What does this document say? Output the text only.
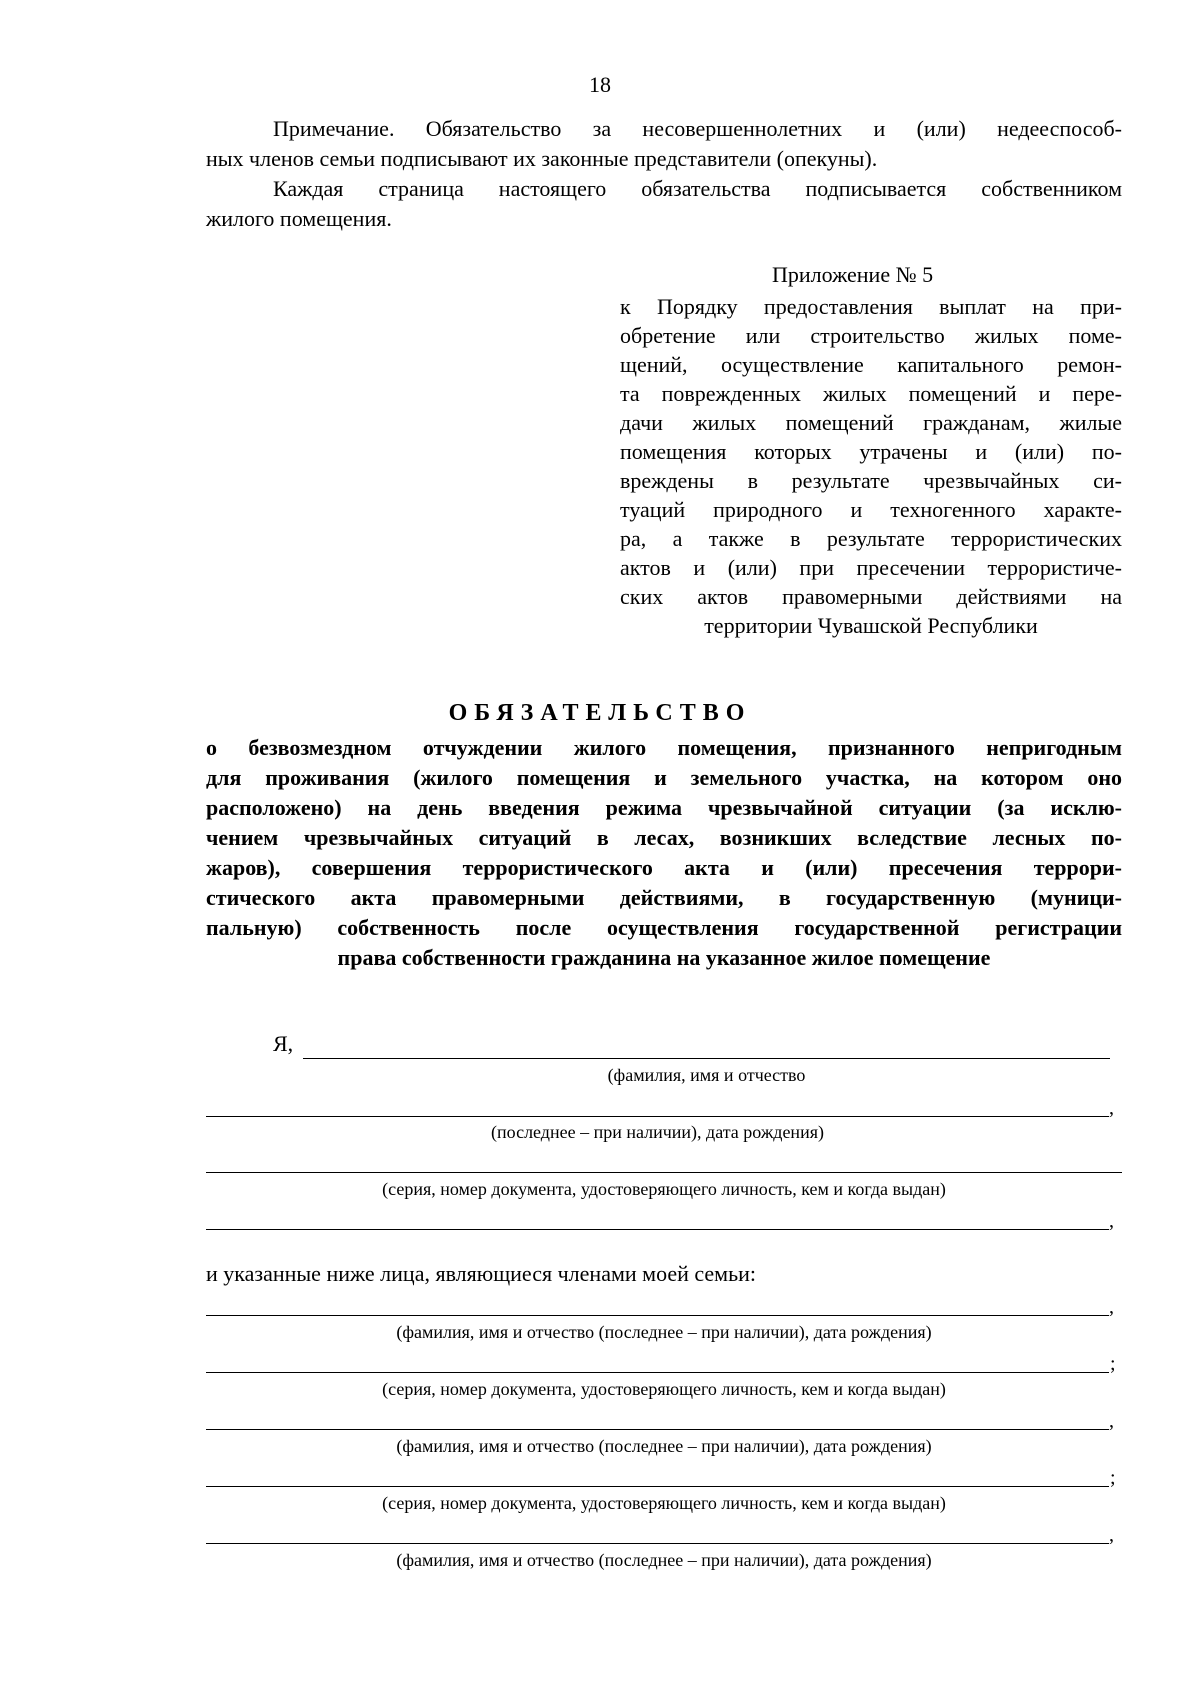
18
Примечание. Обязательство за несовершеннолетних и (или) недееспособ-
ных членов семьи подписывают их законные представители (опекуны).
Каждая страница настоящего обязательства подписывается собственником
жилого помещения.
Приложение № 5
к Порядку предоставления выплат на при-
обретение или строительство жилых поме-
щений, осуществление капитального ремон-
та поврежденных жилых помещений и пере-
дачи жилых помещений гражданам, жилые
помещения которых утрачены и (или) по-
вреждены в результате чрезвычайных си-
туаций природного и техногенного характе-
ра, а также в результате террористических
актов и (или) при пресечении террористиче-
ских актов правомерными действиями на
территории Чувашской Республики
ОБЯЗАТЕЛЬСТВО
о безвозмездном отчуждении жилого помещения, признанного непригодным
для проживания (жилого помещения и земельного участка, на котором оно
расположено) на день введения режима чрезвычайной ситуации (за исклю-
чением чрезвычайных ситуаций в лесах, возникших вследствие лесных по-
жаров), совершения террористического акта и (или) пресечения террори-
стического акта правомерными действиями, в государственную (муници-
пальную) собственность после осуществления государственной регистрации
права собственности гражданина на указанное жилое помещение
Я,
(фамилия, имя и отчество
,
(последнее – при наличии), дата рождения)
(серия, номер документа, удостоверяющего личность, кем и когда выдан)
,
и указанные ниже лица, являющиеся членами моей семьи:
,
(фамилия, имя и отчество (последнее – при наличии), дата рождения)
;
(серия, номер документа, удостоверяющего личность, кем и когда выдан)
,
(фамилия, имя и отчество (последнее – при наличии), дата рождения)
;
(серия, номер документа, удостоверяющего личность, кем и когда выдан)
,
(фамилия, имя и отчество (последнее – при наличии), дата рождения)
